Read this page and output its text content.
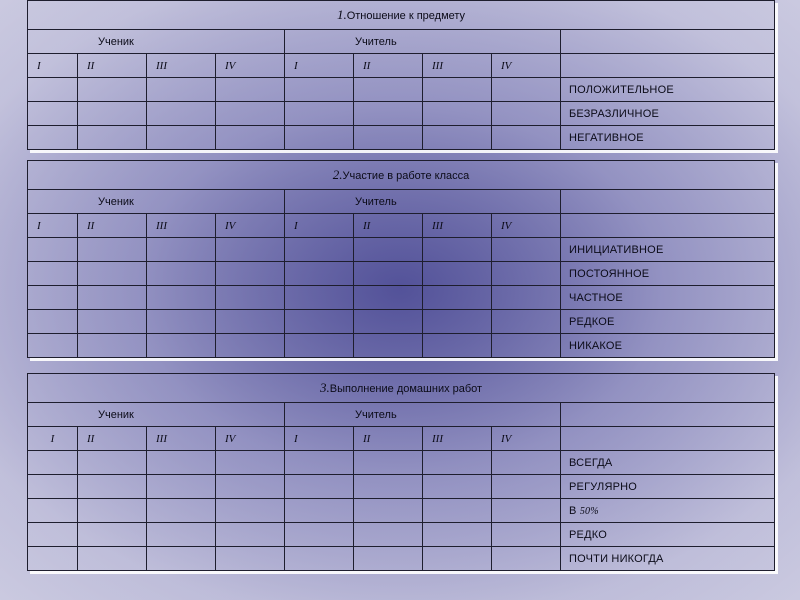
1.Отношение к предмету								
Ученик				Учитель				
I	II	III	IV	I	II	III	IV	
								ПОЛОЖИТЕЛЬНОЕ
								БЕЗРАЗЛИЧНОЕ
								НЕГАТИВНОЕ
2.Участие в работе класса								
Ученик				Учитель				
I	II	III	IV	I	II	III	IV	
								ИНИЦИАТИВНОЕ
								ПОСТОЯННОЕ
								ЧАСТНОЕ
								РЕДКОЕ
								НИКАКОЕ
3.Выполнение домашних работ								
Ученик				Учитель				
I	II	III	IV	I	II	III	IV	
								ВСЕГДА
								РЕГУЛЯРНО
								В 50%
								РЕДКО
								ПОЧТИ НИКОГДА
